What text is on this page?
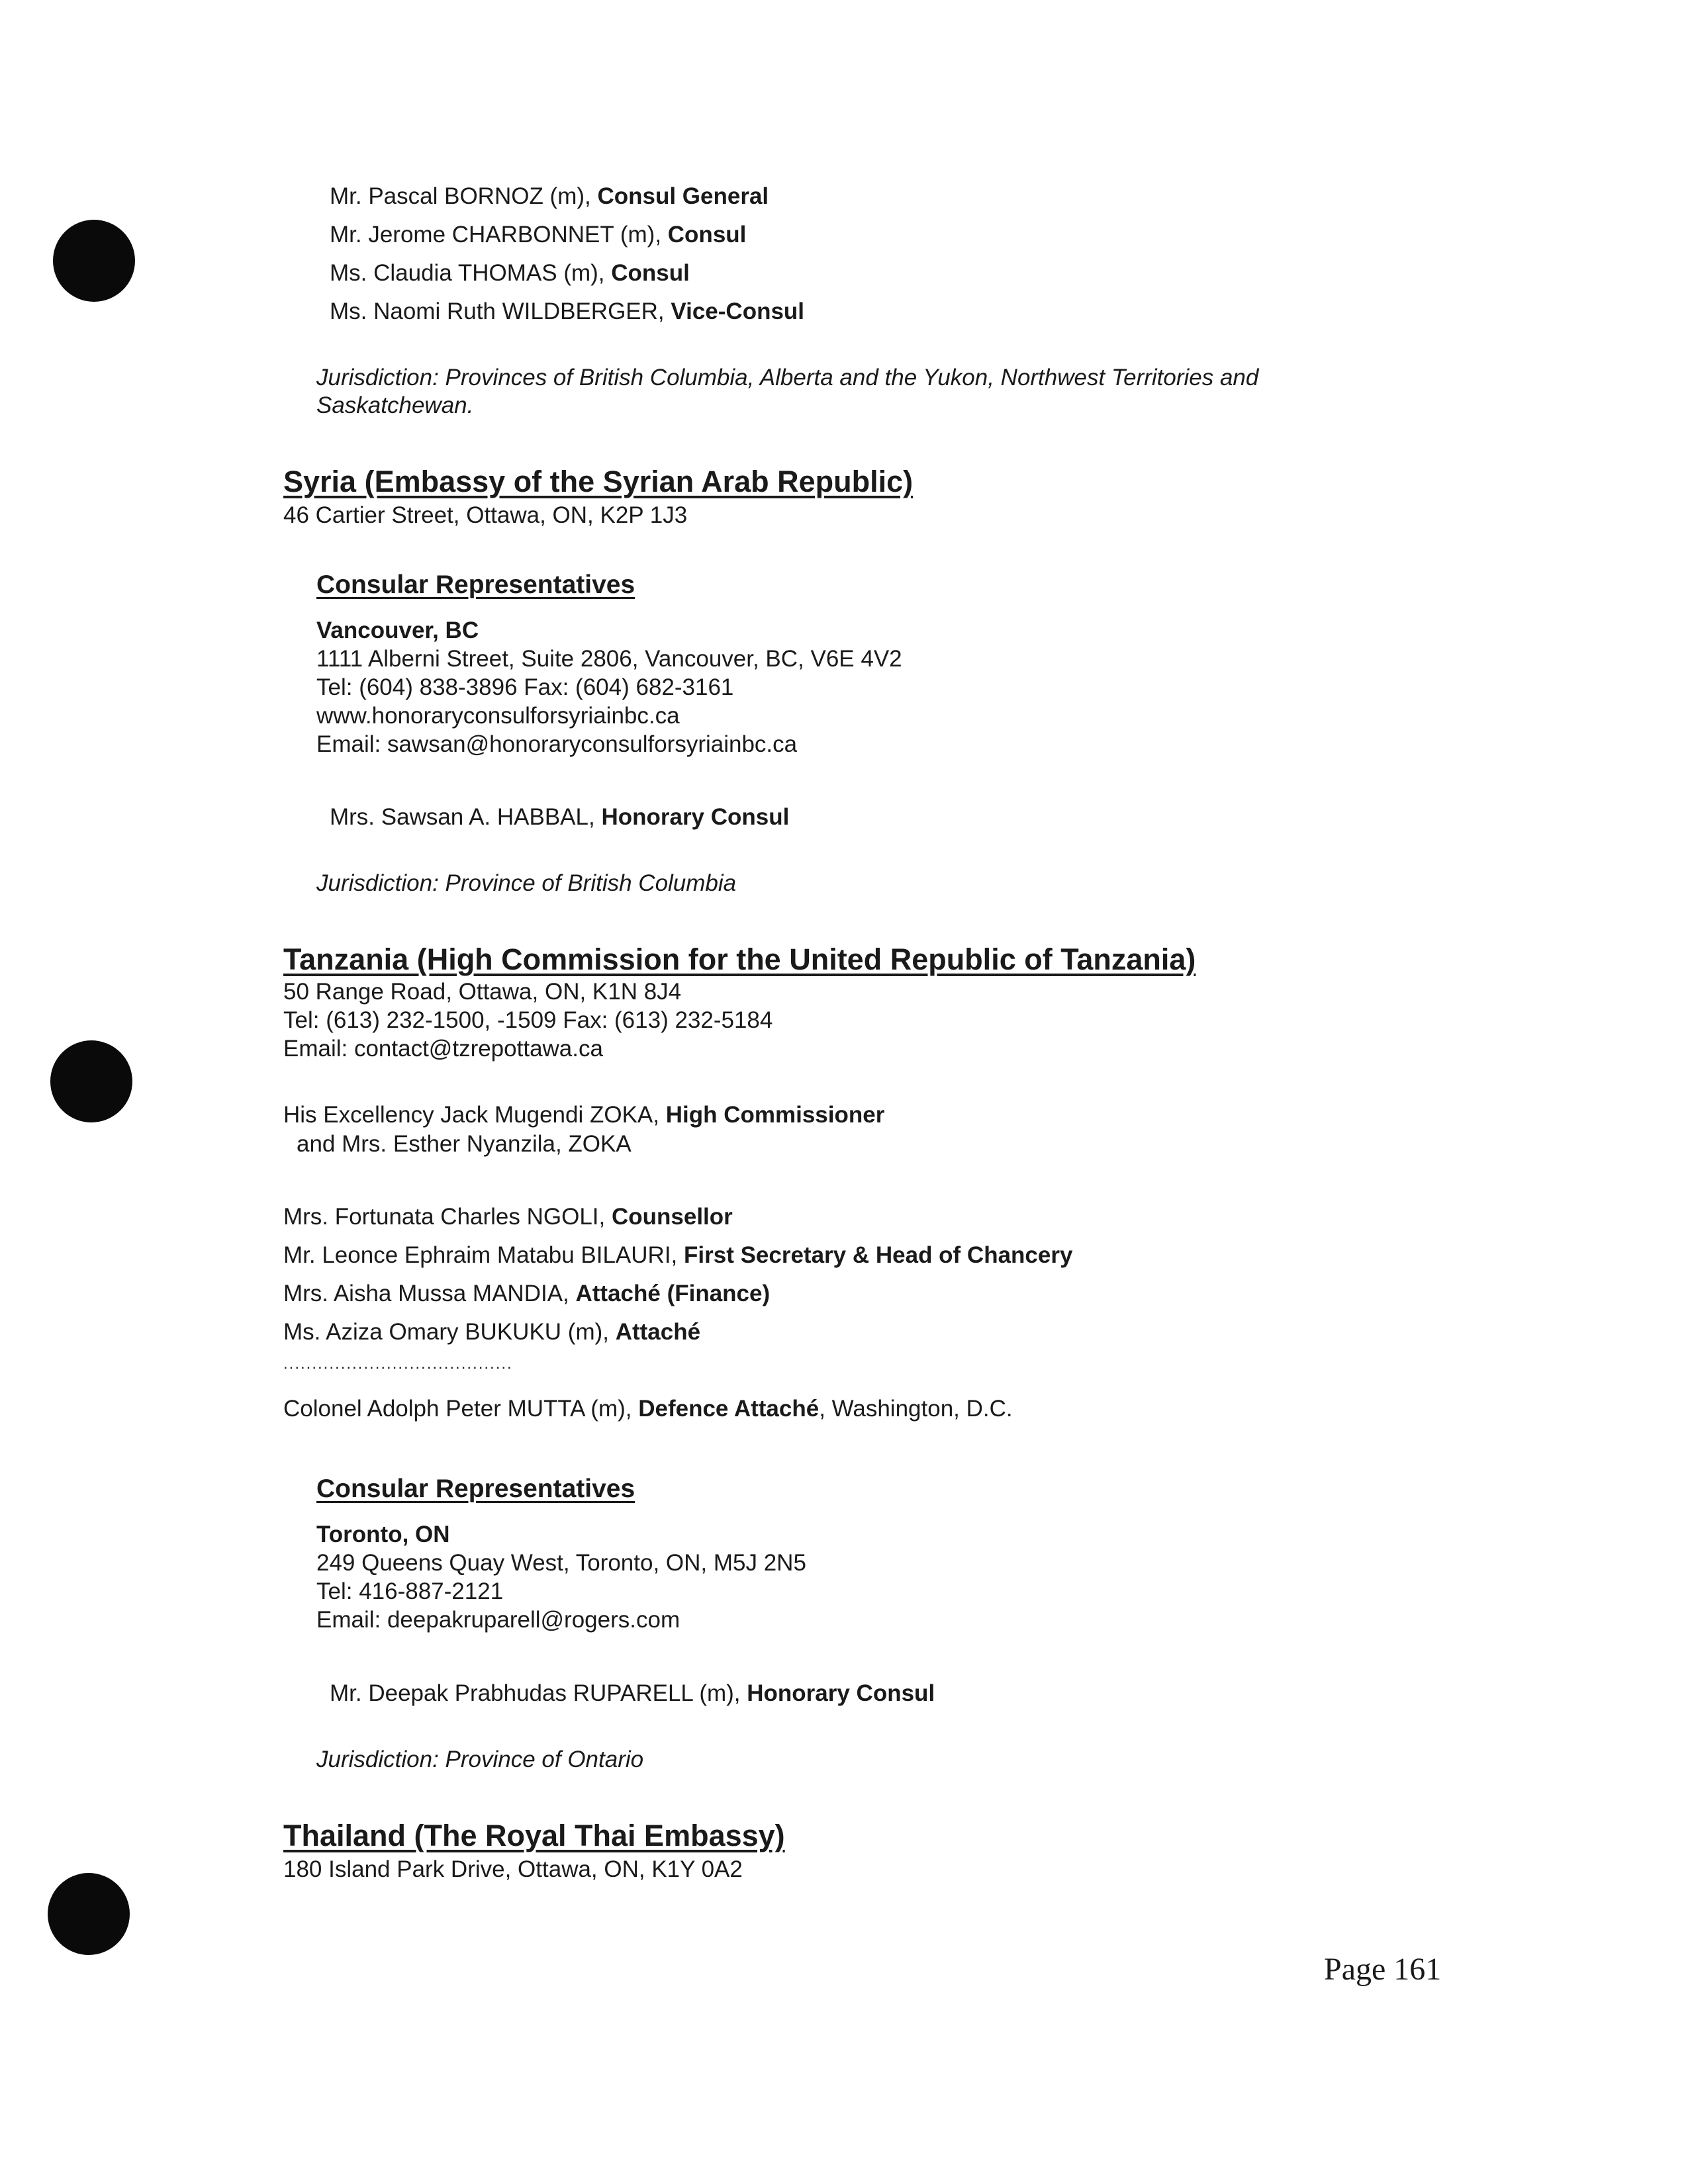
Mr. Pascal BORNOZ (m), Consul General
Mr. Jerome CHARBONNET (m), Consul
Ms. Claudia THOMAS (m), Consul
Ms. Naomi Ruth WILDBERGER, Vice-Consul
Jurisdiction: Provinces of British Columbia, Alberta and the Yukon, Northwest Territories and
Saskatchewan.
Syria (Embassy of the Syrian Arab Republic)
46 Cartier Street, Ottawa, ON, K2P 1J3
Consular Representatives
Vancouver, BC
1111 Alberni Street, Suite 2806, Vancouver, BC, V6E 4V2
Tel: (604) 838-3896 Fax: (604) 682-3161
www.honoraryconsulforsyriainbc.ca
Email: sawsan@honoraryconsulforsyriainbc.ca
Mrs. Sawsan A. HABBAL, Honorary Consul
Jurisdiction: Province of British Columbia
Tanzania (High Commission for the United Republic of Tanzania)
50 Range Road, Ottawa, ON, K1N 8J4
Tel: (613) 232-1500, -1509 Fax: (613) 232-5184
Email: contact@tzrepottawa.ca
His Excellency Jack Mugendi ZOKA, High Commissioner
and Mrs. Esther Nyanzila, ZOKA
Mrs. Fortunata Charles NGOLI, Counsellor
Mr. Leonce Ephraim Matabu BILAURI, First Secretary & Head of Chancery
Mrs. Aisha Mussa MANDIA, Attaché (Finance)
Ms. Aziza Omary BUKUKU (m), Attaché
........................................
Colonel Adolph Peter MUTTA (m), Defence Attaché, Washington, D.C.
Consular Representatives
Toronto, ON
249 Queens Quay West, Toronto, ON, M5J 2N5
Tel: 416-887-2121
Email: deepakruparell@rogers.com
Mr. Deepak Prabhudas RUPARELL (m), Honorary Consul
Jurisdiction: Province of Ontario
Thailand (The Royal Thai Embassy)
180 Island Park Drive, Ottawa, ON, K1Y 0A2
Page 161
